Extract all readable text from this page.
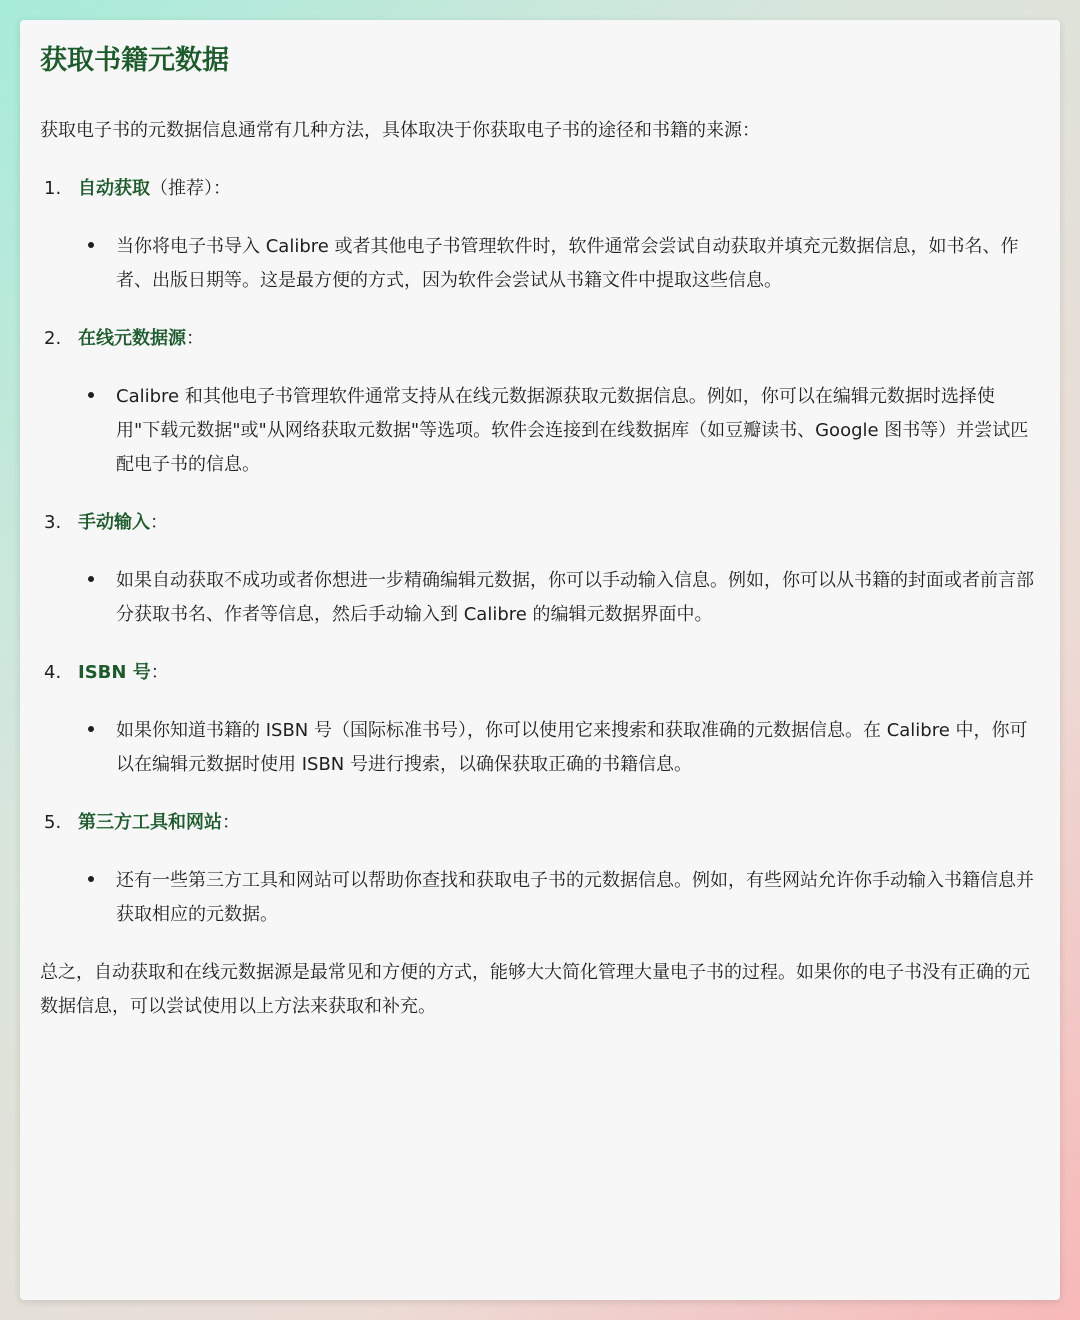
获取书籍元数据
获取电子书的元数据信息通常有几种方法，具体取决于你获取电子书的途径和书籍的来源：
1. 自动获取 （推荐）：
当你将电子书导入 Calibre 或者其他电子书管理软件时，软件通常会尝试自动获取并填充元数据信息，如书名、作者、出版日期等。这是最方便的方式，因为软件会尝试从书籍文件中提取这些信息。
2. 在线元数据源 ：
Calibre 和其他电子书管理软件通常支持从在线元数据源获取元数据信息。例如，你可以在编辑元数据时选择使用"下载元数据"或"从网络获取元数据"等选项。软件会连接到在线数据库（如豆瓣读书、Google 图书等）并尝试匹配电子书的信息。
3. 手动输入 ：
如果自动获取不成功或者你想进一步精确编辑元数据，你可以手动输入信息。例如，你可以从书籍的封面或者前言部分获取书名、作者等信息，然后手动输入到 Calibre 的编辑元数据界面中。
4. ISBN 号 ：
如果你知道书籍的 ISBN 号（国际标准书号），你可以使用它来搜索和获取准确的元数据信息。在 Calibre 中，你可以在编辑元数据时使用 ISBN 号进行搜索，以确保获取正确的书籍信息。
5. 第三方工具和网站 ：
还有一些第三方工具和网站可以帮助你查找和获取电子书的元数据信息。例如，有些网站允许你手动输入书籍信息并获取相应的元数据。
总之，自动获取和在线元数据源是最常见和方便的方式，能够大大简化管理大量电子书的过程。如果你的电子书没有正确的元数据信息，可以尝试使用以上方法来获取和补充。
